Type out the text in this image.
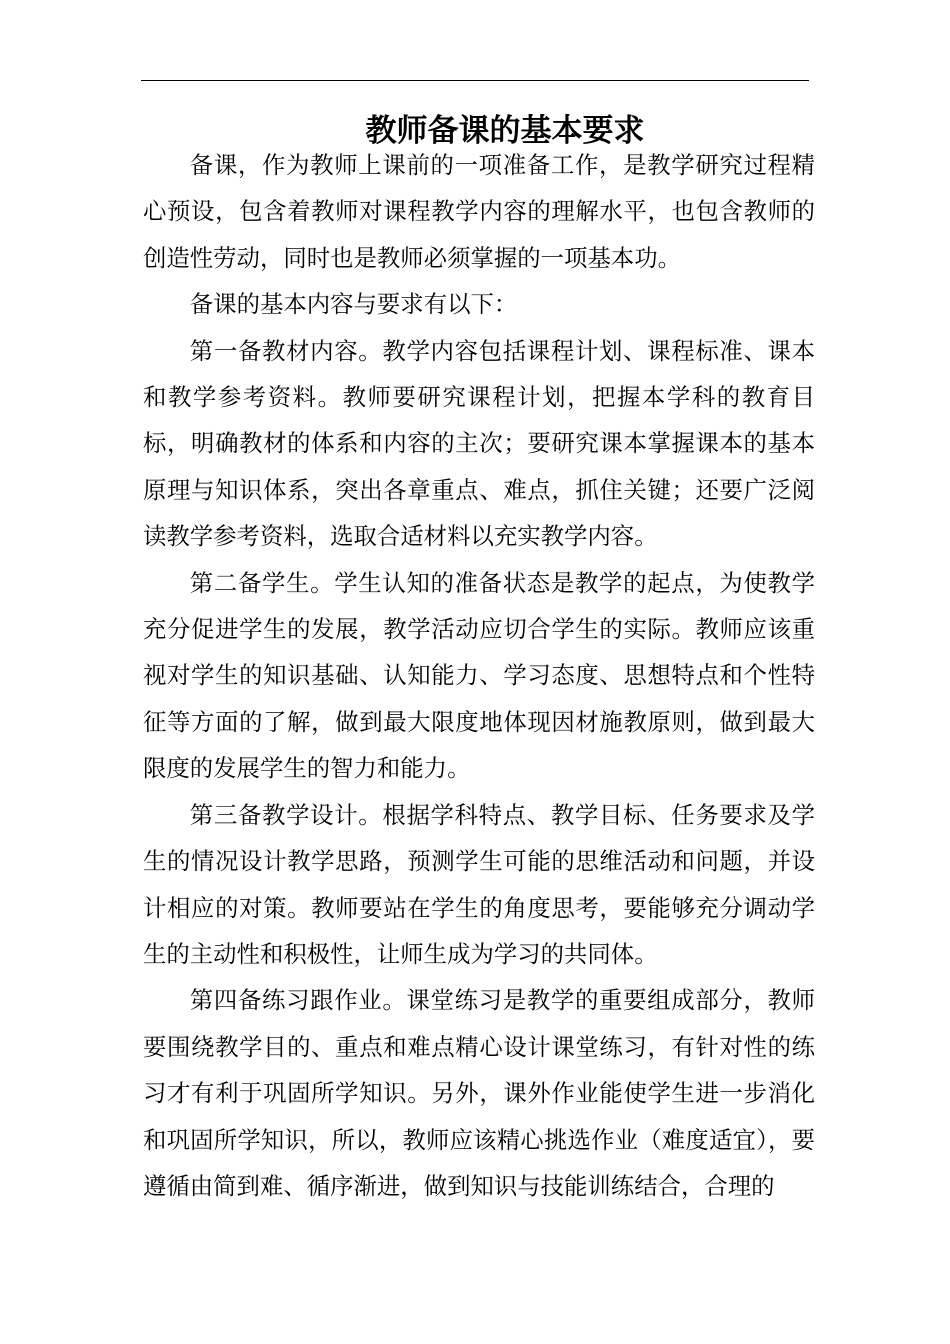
教师备课的基本要求

备课，作为教师上课前的一项准备工作，是教学研究过程精心预设，包含着教师对课程教学内容的理解水平，也包含教师的创造性劳动，同时也是教师必须掌握的一项基本功。

备课的基本内容与要求有以下：

第一备教材内容。教学内容包括课程计划、课程标准、课本和教学参考资料。教师要研究课程计划，把握本学科的教育目标，明确教材的体系和内容的主次；要研究课本掌握课本的基本原理与知识体系，突出各章重点、难点，抓住关键；还要广泛阅读教学参考资料，选取合适材料以充实教学内容。

第二备学生。学生认知的准备状态是教学的起点，为使教学充分促进学生的发展，教学活动应切合学生的实际。教师应该重视对学生的知识基础、认知能力、学习态度、思想特点和个性特征等方面的了解，做到最大限度地体现因材施教原则，做到最大限度的发展学生的智力和能力。

第三备教学设计。根据学科特点、教学目标、任务要求及学生的情况设计教学思路，预测学生可能的思维活动和问题，并设计相应的对策。教师要站在学生的角度思考，要能够充分调动学生的主动性和积极性，让师生成为学习的共同体。

第四备练习跟作业。课堂练习是教学的重要组成部分，教师要围绕教学目的、重点和难点精心设计课堂练习，有针对性的练习才有利于巩固所学知识。另外，课外作业能使学生进一步消化和巩固所学知识，所以，教师应该精心挑选作业（难度适宜），要遵循由简到难、循序渐进，做到知识与技能训练结合，合理的
